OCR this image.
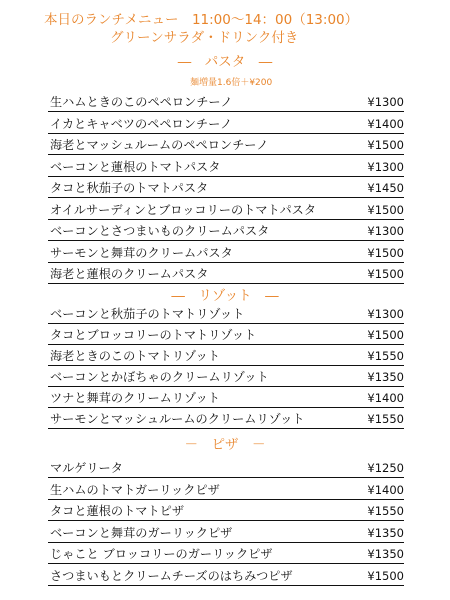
本日のランチメニュー　11:00～14：00（13:00）
グリーンサラダ・ドリンク付き
―　パスタ　―
麺増量1.6倍＋¥200
―　リゾット　―
－　ピザ　－
生ハムときのこのペペロンチーノ	¥1300
イカとキャベツのペペロンチーノ	¥1400
海老とマッシュルームのペペロンチーノ	¥1500
ベーコンと蓮根のトマトパスタ	¥1300
タコと秋茄子のトマトパスタ	¥1450
オイルサーディンとブロッコリーのトマトパスタ	¥1500
ベーコンとさつまいものクリームパスタ	¥1300
サーモンと舞茸のクリームパスタ	¥1500
海老と蓮根のクリームパスタ	¥1500
ベーコンと秋茄子のトマトリゾット	¥1300
タコとブロッコリーのトマトリゾット	¥1500
海老ときのこのトマトリゾット	¥1550
ベーコンとかぼちゃのクリームリゾット	¥1350
ツナと舞茸のクリームリゾット	¥1400
サーモンとマッシュルームのクリームリゾット	¥1550
マルゲリータ	¥1250
生ハムのトマトガーリックピザ	¥1400
タコと蓮根のトマトピザ	¥1550
ベーコンと舞茸のガーリックピザ	¥1350
じゃこと ブロッコリーのガーリックピザ	¥1350
さつまいもとクリームチーズのはちみつピザ	¥1500
